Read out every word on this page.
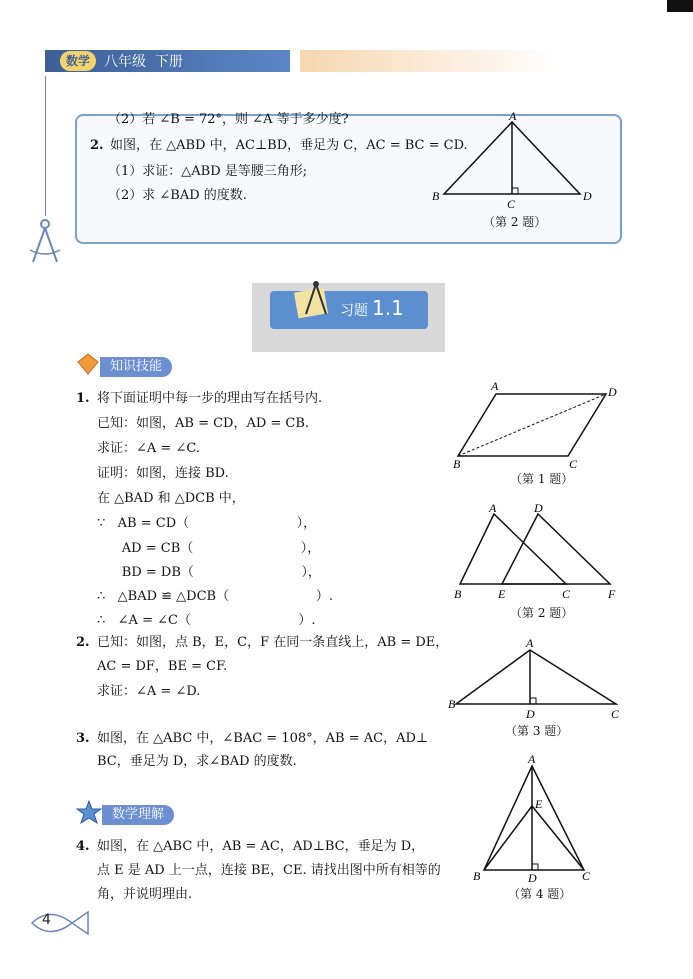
数学	八年级  下册
（2）若 ∠B = 72°，则 ∠A 等于多少度?
2. 如图，在 △ABD 中，AC⊥BD，垂足为 C，AC = BC = CD.
（1）求证：△ABD 是等腰三角形;
（2）求 ∠BAD 的度数.
A
B
C
D
（第 2 题）
习题 1.1
知识技能
1. 将下面证明中每一步的理由写在括号内.
已知：如图，AB = CD，AD = CB.
求证：∠A = ∠C.
证明：如图，连接 BD.
在 △BAD 和 △DCB 中，
∵   AB = CD（                          ），
AD = CB（                          ），
BD = DB（                          ），
∴   △BAD ≌ △DCB（                     ）.
∴   ∠A = ∠C（                          ）.
A
B	C
D
（第 1 题）
A
B	C
D
E	F
（第 2 题）
2. 已知：如图，点 B，E，C，F 在同一条直线上，AB = DE，
AC = DF，BE = CF.
求证：∠A = ∠D.
A
B
C
D
（第 3 题）
3. 如图，在 △ABC 中，∠BAC = 108°，AB = AC，AD⊥
BC，垂足为 D，求∠BAD 的度数.
数学理解
4. 如图，在 △ABC 中，AB = AC，AD⊥BC，垂足为 D，
点 E 是 AD 上一点，连接 BE，CE. 请找出图中所有相等的
角，并说明理由.
A
B	C
D
E
（第 4 题）
4
